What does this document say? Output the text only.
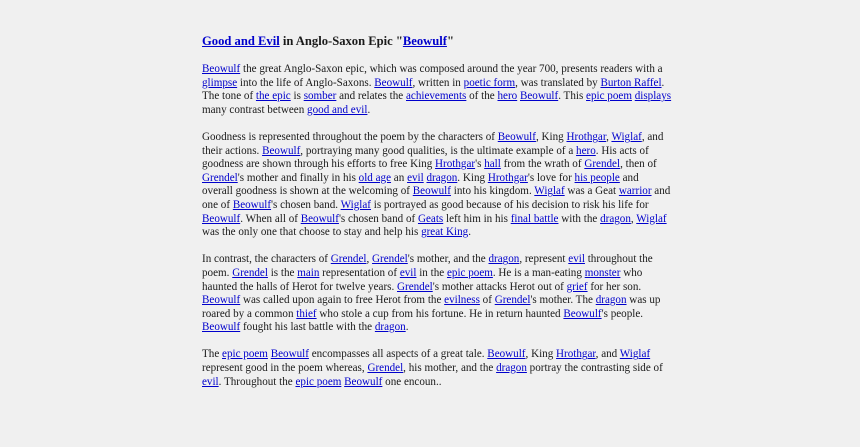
Good and Evil in Anglo-Saxon Epic "Beowulf"

Beowulf the great Anglo-Saxon epic, which was composed around the year 700, presents readers with a glimpse into the life of Anglo-Saxons. Beowulf, written in poetic form, was translated by Burton Raffel. The tone of the epic is somber and relates the achievements of the hero Beowulf. This epic poem displays many contrast between good and evil.

Goodness is represented throughout the poem by the characters of Beowulf, King Hrothgar, Wiglaf, and their actions. Beowulf, portraying many good qualities, is the ultimate example of a hero. His acts of goodness are shown through his efforts to free King Hrothgar's hall from the wrath of Grendel, then of Grendel's mother and finally in his old age an evil dragon. King Hrothgar's love for his people and overall goodness is shown at the welcoming of Beowulf into his kingdom. Wiglaf was a Geat warrior and one of Beowulf's chosen band. Wiglaf is portrayed as good because of his decision to risk his life for Beowulf. When all of Beowulf's chosen band of Geats left him in his final battle with the dragon, Wiglaf was the only one that choose to stay and help his great King.

In contrast, the characters of Grendel, Grendel's mother, and the dragon, represent evil throughout the poem. Grendel is the main representation of evil in the epic poem. He is a man-eating monster who haunted the halls of Herot for twelve years. Grendel's mother attacks Herot out of grief for her son. Beowulf was called upon again to free Herot from the evilness of Grendel's mother. The dragon was up roared by a common thief who stole a cup from his fortune. He in return haunted Beowulf's people. Beowulf fought his last battle with the dragon.

The epic poem Beowulf encompasses all aspects of a great tale. Beowulf, King Hrothgar, and Wiglaf represent good in the poem whereas, Grendel, his mother, and the dragon portray the contrasting side of evil. Throughout the epic poem Beowulf one encoun..
